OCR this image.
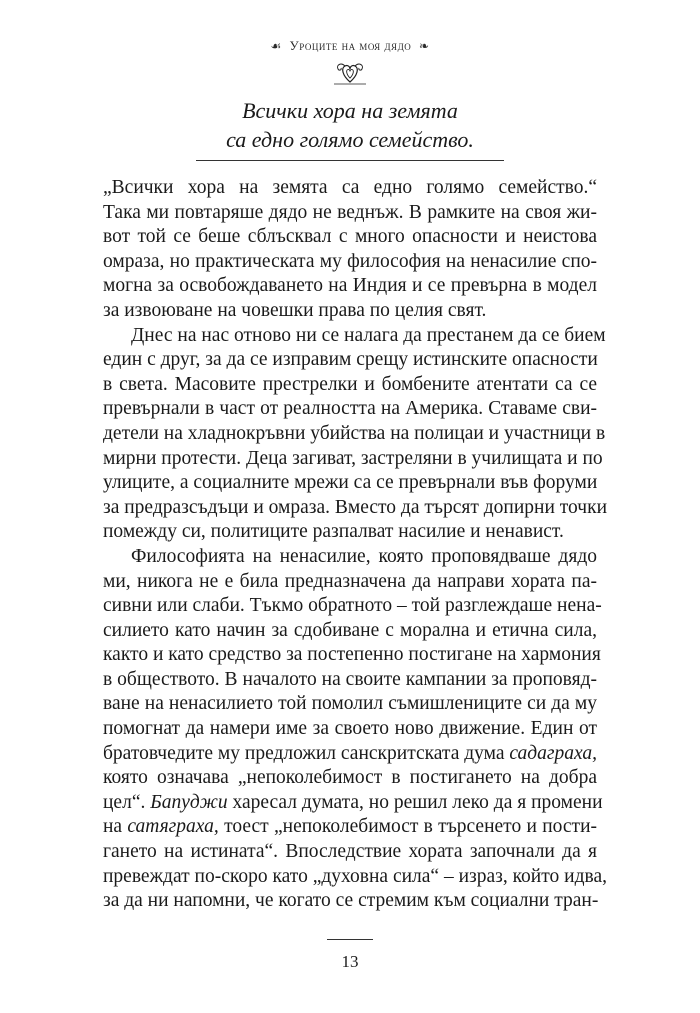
☙ Уроците на моя дядо ❧
Всички хора на земята
са едно голямо семейство.
„Всички хора на земята са едно голямо семейство.“
Така ми повтаряше дядо не веднъж. В рамките на своя жи-
вот той се беше сблъсквал с много опасности и неистова
омраза, но практическата му философия на ненасилие спо-
могна за освобождаването на Индия и се превърна в модел
за извоюване на човешки права по целия свят.
Днес на нас отново ни се налага да престанем да се бием
един с друг, за да се изправим срещу истинските опасности
в света. Масовите престрелки и бомбените атентати са се
превърнали в част от реалността на Америка. Ставаме сви-
детели на хладнокръвни убийства на полицаи и участници в
мирни протести. Деца загиват, застреляни в училищата и по
улиците, а социалните мрежи са се превърнали във форуми
за предразсъдъци и омраза. Вместо да търсят допирни точки
помежду си, политиците разпалват насилие и ненавист.
Философията на ненасилие, която проповядваше дядо
ми, никога не е била предназначена да направи хората па-
сивни или слаби. Тъкмо обратното – той разглеждаше нена-
силието като начин за сдобиване с морална и етична сила,
както и като средство за постепенно постигане на хармония
в обществото. В началото на своите кампании за проповяд-
ване на ненасилието той помолил съмишлениците си да му
помогнат да намери име за своето ново движение. Един от
братовчедите му предложил санскритската дума садаграха,
която означава „непоколебимост в постигането на добра
цел“. Бапуджи харесал думата, но решил леко да я промени
на сатяграха, тоест „непоколебимост в търсенето и пости-
гането на истината“. Впоследствие хората започнали да я
превеждат по-скоро като „духовна сила“ – израз, който идва,
за да ни напомни, че когато се стремим към социални тран-
13
